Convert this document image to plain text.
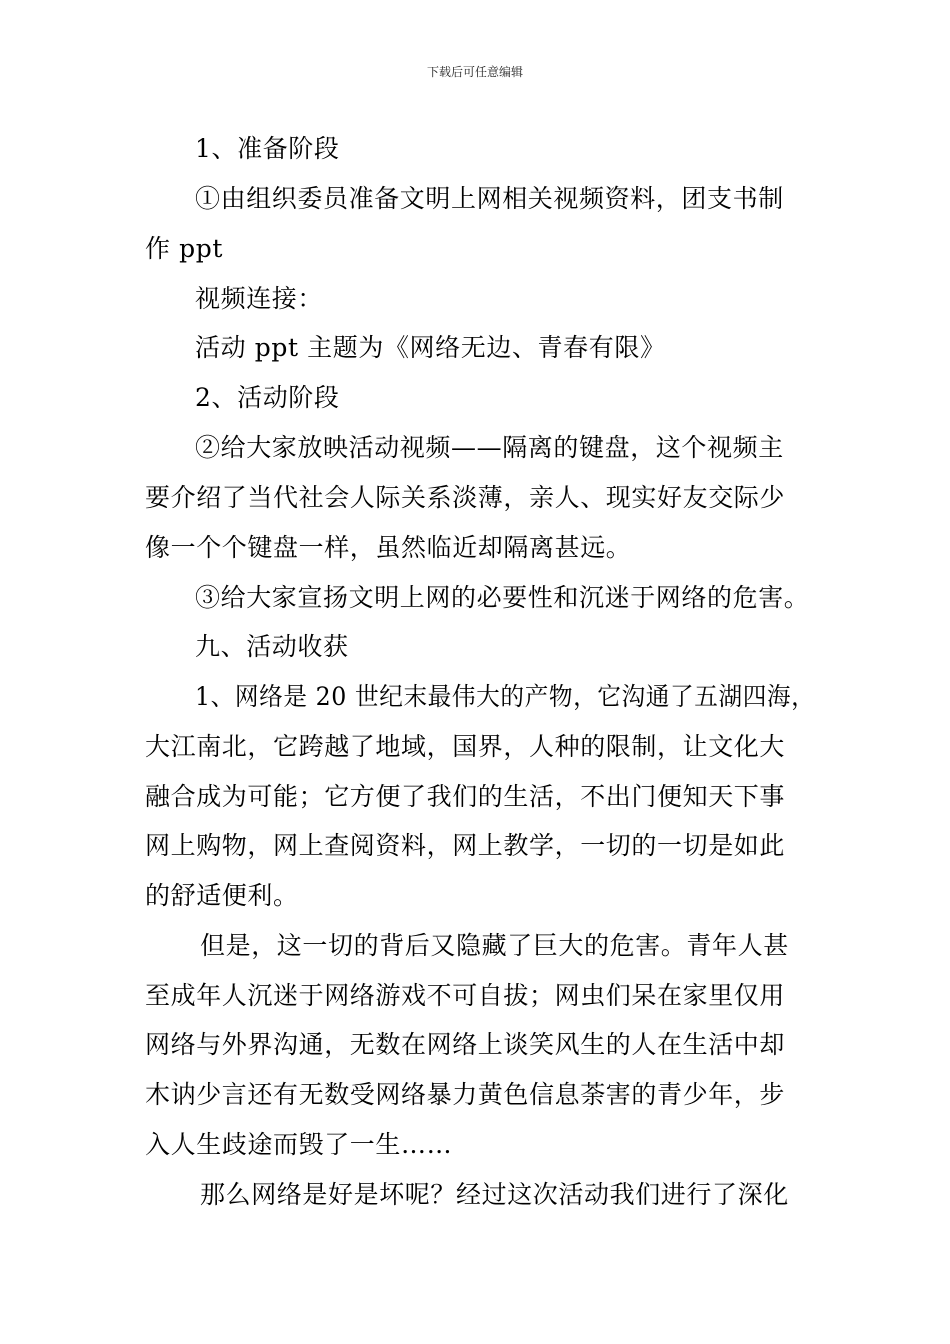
下载后可任意编辑
1、准备阶段
①由组织委员准备文明上网相关视频资料，团支书制
作 ppt
视频连接：
活动 ppt 主题为《网络无边、青春有限》
2、活动阶段
②给大家放映活动视频——隔离的键盘，这个视频主
要介绍了当代社会人际关系淡薄，亲人、现实好友交际少
像一个个键盘一样，虽然临近却隔离甚远。
③给大家宣扬文明上网的必要性和沉迷于网络的危害。
九、活动收获
1、网络是 20 世纪末最伟大的产物，它沟通了五湖四海，
大江南北，它跨越了地域，国界，人种的限制，让文化大
融合成为可能；它方便了我们的生活，不出门便知天下事
网上购物，网上查阅资料，网上教学，一切的一切是如此
的舒适便利。
但是，这一切的背后又隐藏了巨大的危害。青年人甚
至成年人沉迷于网络游戏不可自拔；网虫们呆在家里仅用
网络与外界沟通，无数在网络上谈笑风生的人在生活中却
木讷少言还有无数受网络暴力黄色信息荼害的青少年，步
入人生歧途而毁了一生……
那么网络是好是坏呢？经过这次活动我们进行了深化
